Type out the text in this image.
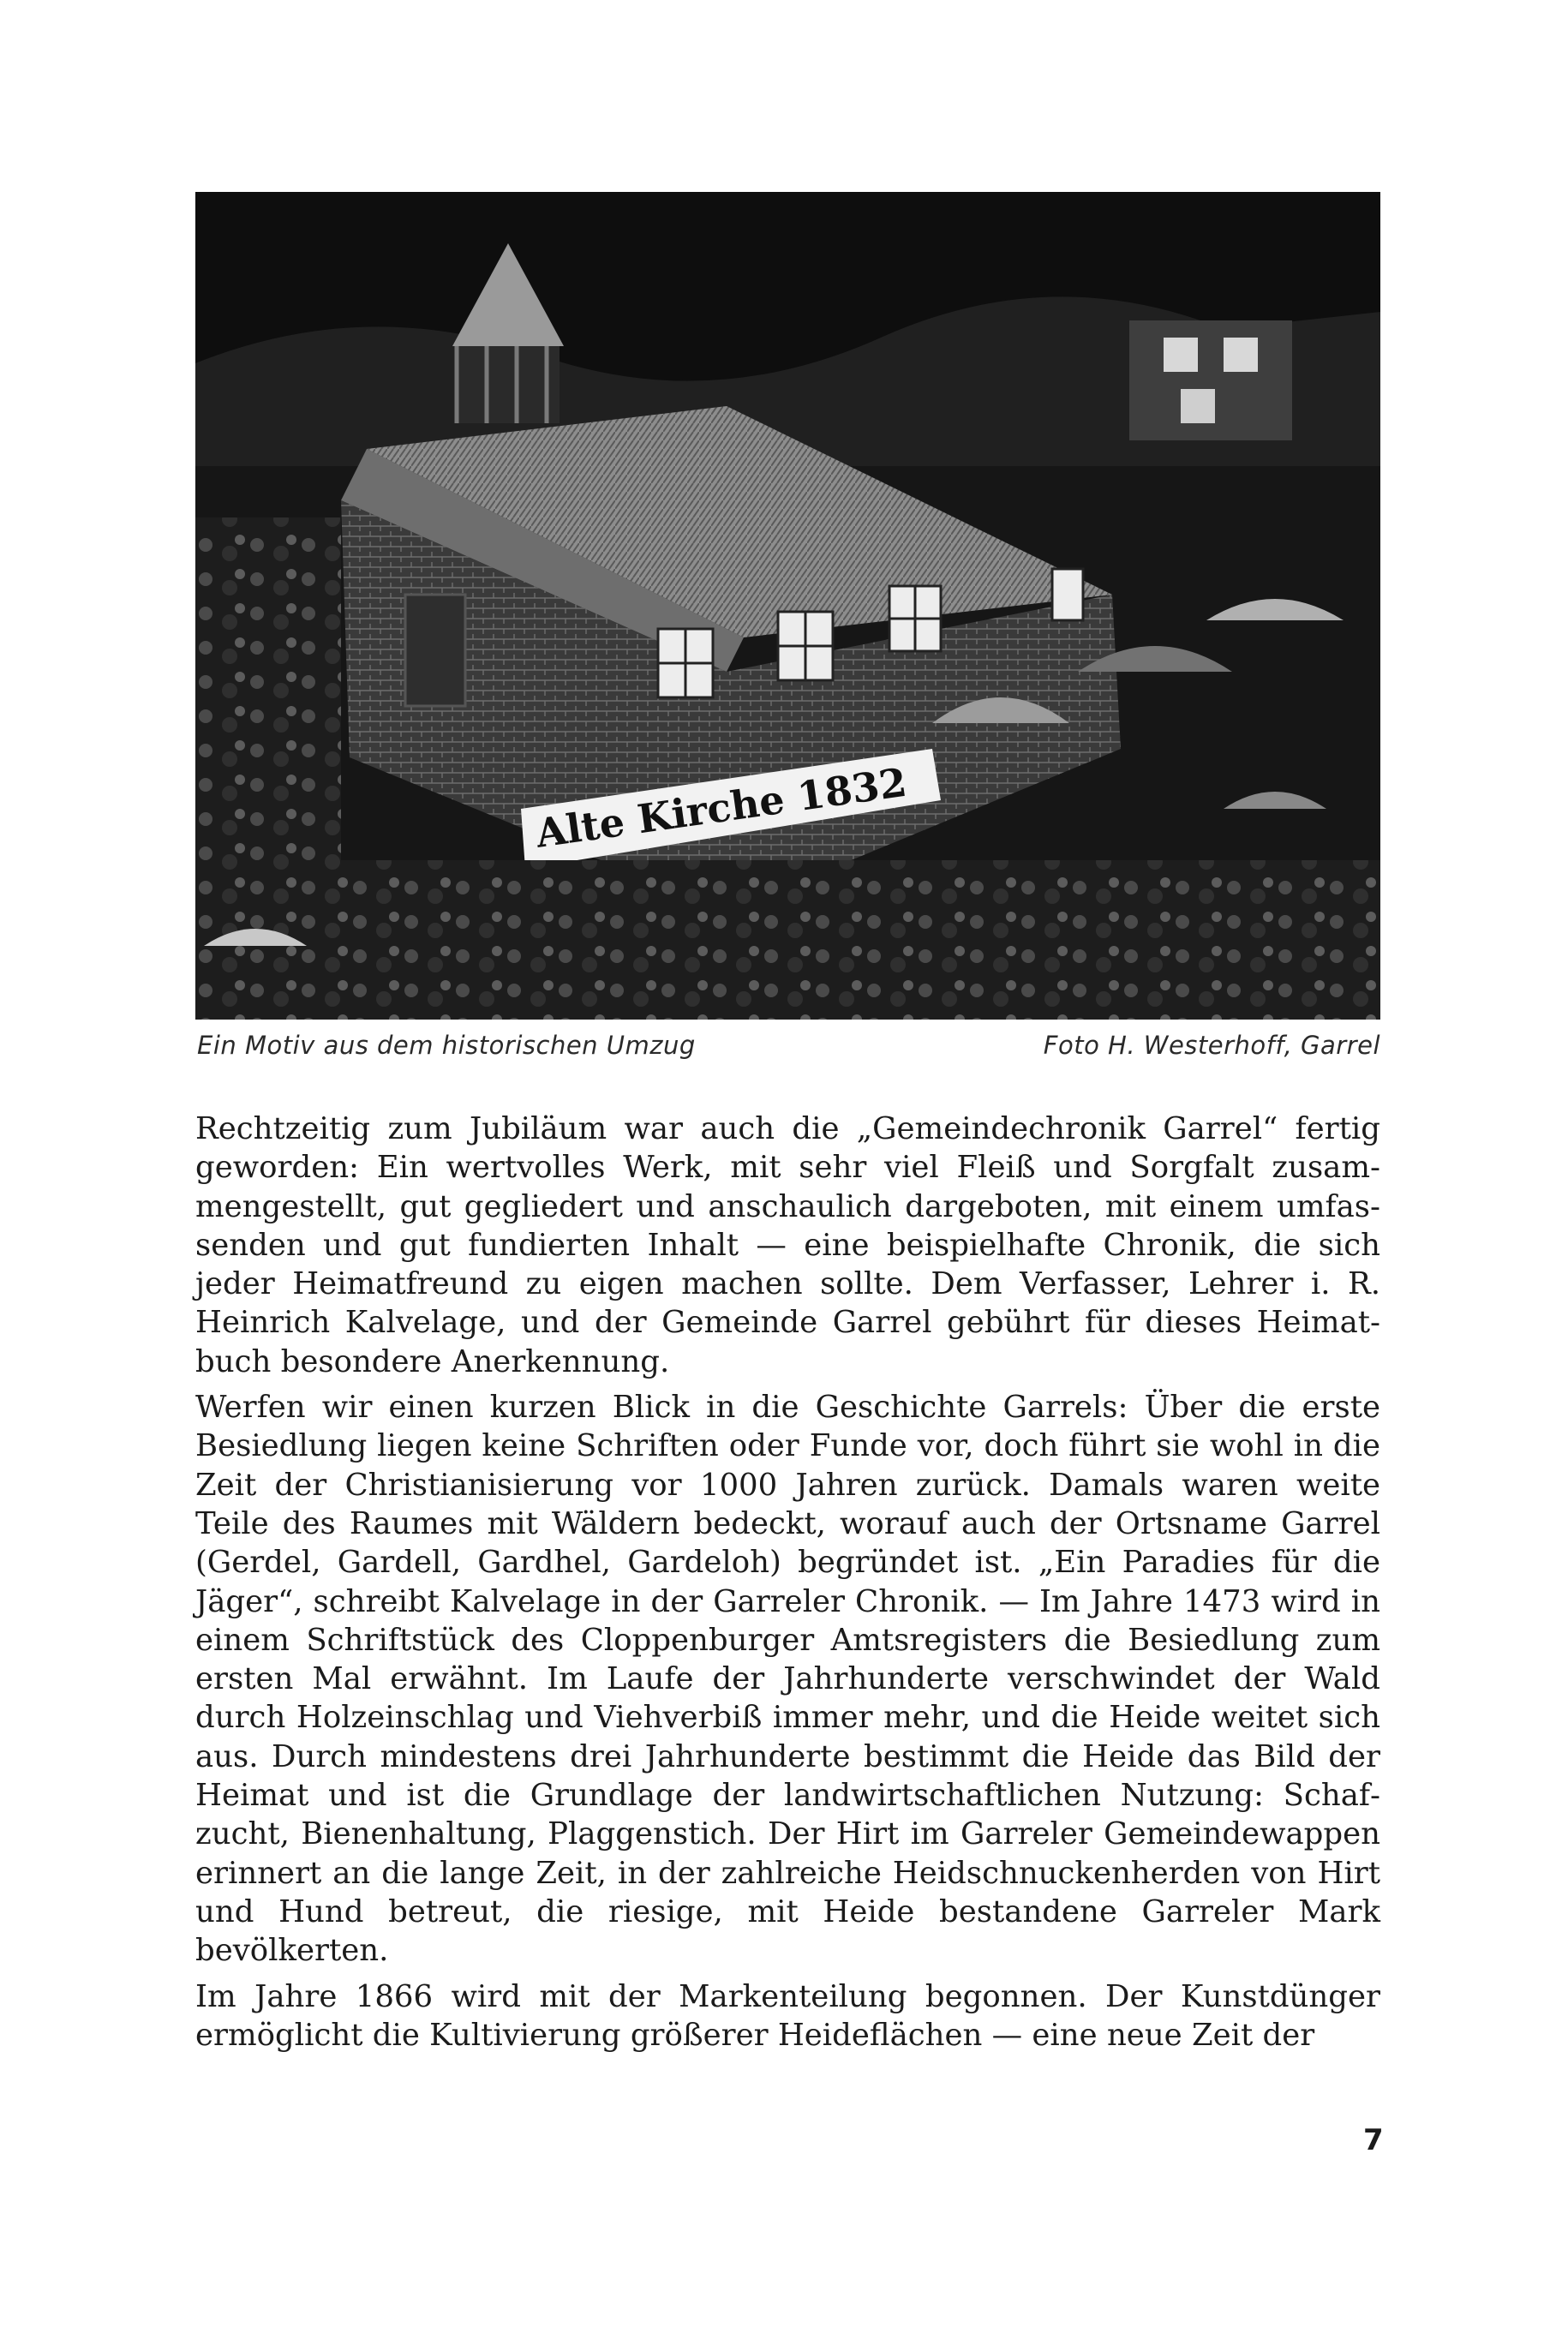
Alte Kirche 1832
Ein Motiv aus dem historischen Umzug	Foto H. Westerhoff, Garrel

Rechtzeitig zum Jubiläum war auch die „Gemeindechronik Garrel“ fertig geworden: Ein wertvolles Werk, mit sehr viel Fleiß und Sorgfalt zusammengestellt, gut gegliedert und anschaulich dargeboten, mit einem umfassenden und gut fundierten Inhalt — eine beispielhafte Chronik, die sich jeder Heimatfreund zu eigen machen sollte. Dem Verfasser, Lehrer i. R. Heinrich Kalvelage, und der Gemeinde Garrel gebührt für dieses Heimatbuch besondere Anerkennung.

Werfen wir einen kurzen Blick in die Geschichte Garrels: Über die erste Besiedlung liegen keine Schriften oder Funde vor, doch führt sie wohl in die Zeit der Christianisierung vor 1000 Jahren zurück. Damals waren weite Teile des Raumes mit Wäldern bedeckt, worauf auch der Ortsname Garrel (Gerdel, Gardell, Gardhel, Gardeloh) begründet ist. „Ein Paradies für die Jäger“, schreibt Kalvelage in der Garreler Chronik. — Im Jahre 1473 wird in einem Schriftstück des Cloppenburger Amtsregisters die Besiedlung zum ersten Mal erwähnt. Im Laufe der Jahrhunderte verschwindet der Wald durch Holzeinschlag und Viehverbiß immer mehr, und die Heide weitet sich aus. Durch mindestens drei Jahrhunderte bestimmt die Heide das Bild der Heimat und ist die Grundlage der landwirtschaftlichen Nutzung: Schafzucht, Bienenhaltung, Plaggenstich. Der Hirt im Garreler Gemeindewappen erinnert an die lange Zeit, in der zahlreiche Heidschnuckenherden von Hirt und Hund betreut, die riesige, mit Heide bestandene Garreler Mark bevölkerten.

Im Jahre 1866 wird mit der Markenteilung begonnen. Der Kunstdünger ermöglicht die Kultivierung größerer Heideflächen — eine neue Zeit der

7
